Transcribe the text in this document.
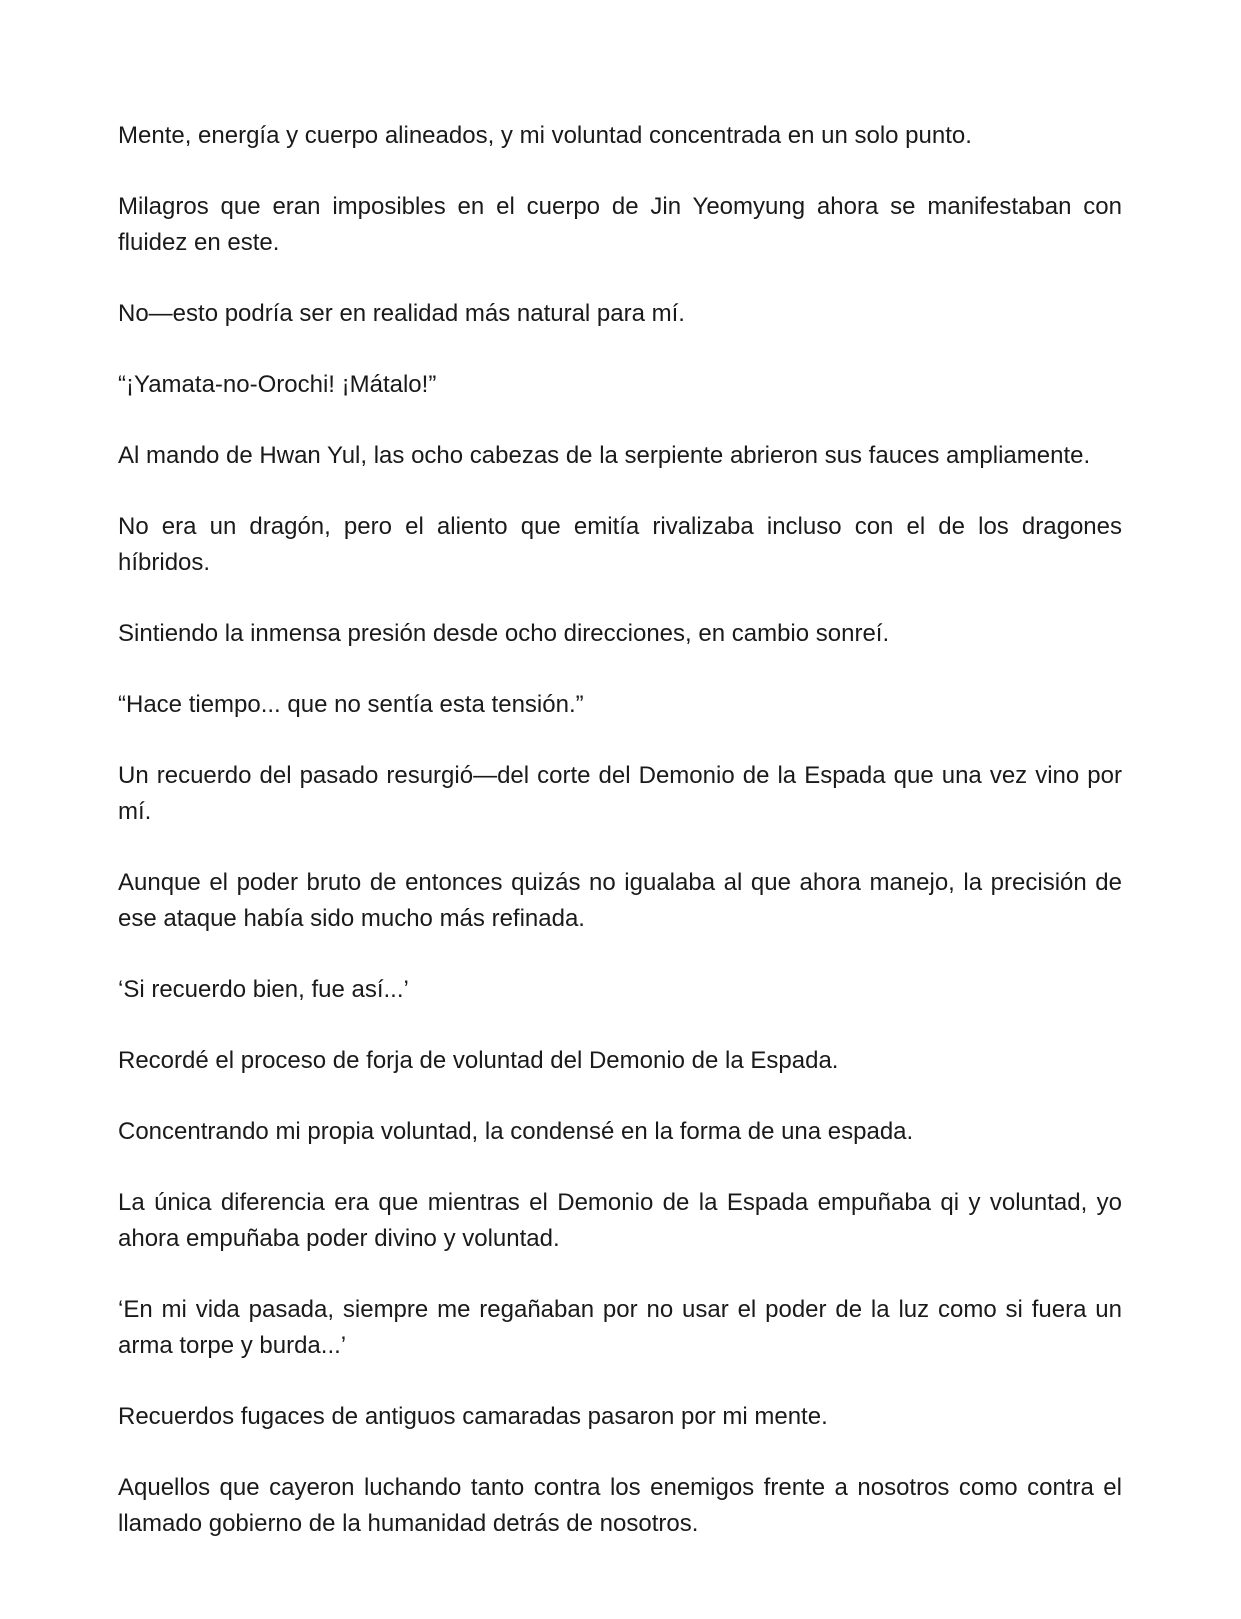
Mente, energía y cuerpo alineados, y mi voluntad concentrada en un solo punto.

Milagros que eran imposibles en el cuerpo de Jin Yeomyung ahora se manifestaban con fluidez en este.

No—esto podría ser en realidad más natural para mí.

“¡Yamata-no-Orochi! ¡Mátalo!”

Al mando de Hwan Yul, las ocho cabezas de la serpiente abrieron sus fauces ampliamente.

No era un dragón, pero el aliento que emitía rivalizaba incluso con el de los dragones híbridos.

Sintiendo la inmensa presión desde ocho direcciones, en cambio sonreí.

“Hace tiempo... que no sentía esta tensión.”

Un recuerdo del pasado resurgió—del corte del Demonio de la Espada que una vez vino por mí.

Aunque el poder bruto de entonces quizás no igualaba al que ahora manejo, la precisión de ese ataque había sido mucho más refinada.

‘Si recuerdo bien, fue así...’

Recordé el proceso de forja de voluntad del Demonio de la Espada.

Concentrando mi propia voluntad, la condensé en la forma de una espada.

La única diferencia era que mientras el Demonio de la Espada empuñaba qi y voluntad, yo ahora empuñaba poder divino y voluntad.

‘En mi vida pasada, siempre me regañaban por no usar el poder de la luz como si fuera un arma torpe y burda...’

Recuerdos fugaces de antiguos camaradas pasaron por mi mente.

Aquellos que cayeron luchando tanto contra los enemigos frente a nosotros como contra el llamado gobierno de la humanidad detrás de nosotros.
